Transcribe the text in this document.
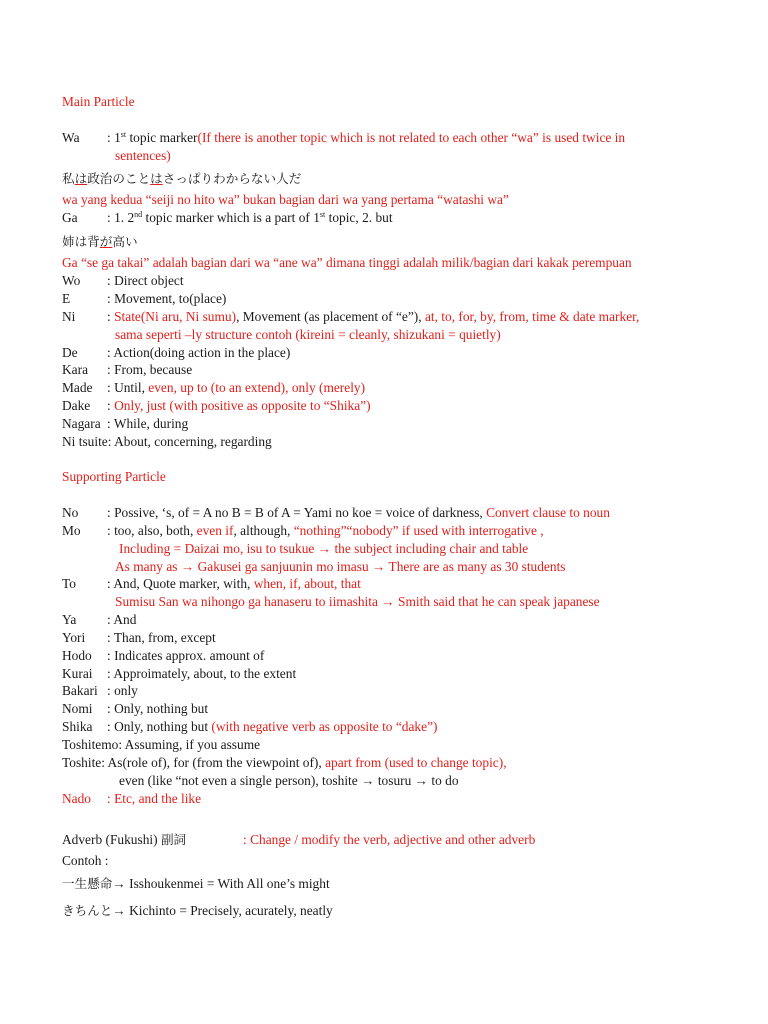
Main Particle
Wa : 1st topic marker(If there is another topic which is not related to each other “wa” is used twice in
sentences)
私は政治のことはさっぱりわからない人だ
wa yang kedua “seiji no hito wa” bukan bagian dari wa yang pertama “watashi wa”
Ga : 1. 2nd topic marker which is a part of 1st topic, 2. but
姉は背が高い
Ga “se ga takai” adalah bagian dari wa “ane wa” dimana tinggi adalah milik/bagian dari kakak perempuan
Wo : Direct object
E	: Movement, to(place)
Ni : State(Ni aru, Ni sumu), Movement (as placement of “e”), at, to, for, by, from, time & date marker,
sama seperti –ly structure contoh (kireini = cleanly, shizukani = quietly)
De : Action(doing action in the place)
Kara : From, because
Made : Until, even, up to (to an extend), only (merely)
Dake : Only, just (with positive as opposite to “Shika”)
Nagara : While, during
Ni tsuite: About, concerning, regarding
Supporting Particle
No : Possive, ‘s, of = A no B = B of A = Yami no koe = voice of darkness, Convert clause to noun
Mo : too, also, both, even if, although, “nothing”“nobody” if used with interrogative ,
Including = Daizai mo, isu to tsukue → the subject including chair and table
As many as → Gakusei ga sanjuunin mo imasu → There are as many as 30 students
To : And, Quote marker, with, when, if, about, that
Sumisu San wa nihongo ga hanaseru to iimashita → Smith said that he can speak japanese
Ya : And
Yori : Than, from, except
Hodo : Indicates approx. amount of
Kurai : Approimately, about, to the extent
Bakari : only
Nomi : Only, nothing but
Shika : Only, nothing but (with negative verb as opposite to “dake”)
Toshitemo: Assuming, if you assume
Toshite: As(role of), for (from the viewpoint of), apart from (used to change topic),
even (like “not even a single person), toshite → tosuru → to do
Nado : Etc, and the like
Adverb (Fukushi) 副詞	: Change / modify the verb, adjective and other adverb
Contoh :
一生懸命→ Isshoukenmei = With All one’s might
きちんと→ Kichinto = Precisely, acurately, neatly
